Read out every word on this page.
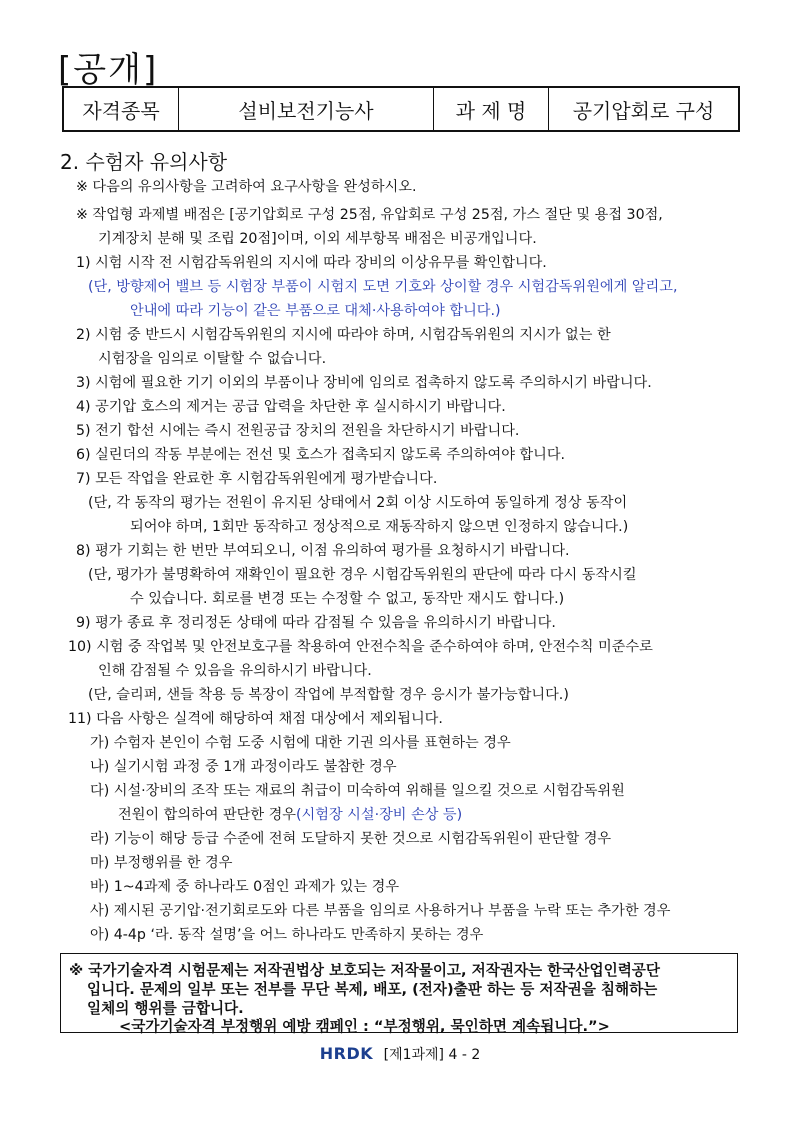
[공개]
자격종목	설비보전기능사	과 제 명	공기압회로 구성
2. 수험자 유의사항
※ 다음의 유의사항을 고려하여 요구사항을 완성하시오.
※ 작업형 과제별 배점은 [공기압회로 구성 25점, 유압회로 구성 25점, 가스 절단 및 용접 30점,
기계장치 분해 및 조립 20점]이며, 이외 세부항목 배점은 비공개입니다.
1) 시험 시작 전 시험감독위원의 지시에 따라 장비의 이상유무를 확인합니다.
(단, 방향제어 밸브 등 시험장 부품이 시험지 도면 기호와 상이할 경우 시험감독위원에게 알리고,
안내에 따라 기능이 같은 부품으로 대체·사용하여야 합니다.)
2) 시험 중 반드시 시험감독위원의 지시에 따라야 하며, 시험감독위원의 지시가 없는 한
시험장을 임의로 이탈할 수 없습니다.
3) 시험에 필요한 기기 이외의 부품이나 장비에 임의로 접촉하지 않도록 주의하시기 바랍니다.
4) 공기압 호스의 제거는 공급 압력을 차단한 후 실시하시기 바랍니다.
5) 전기 합선 시에는 즉시 전원공급 장치의 전원을 차단하시기 바랍니다.
6) 실린더의 작동 부분에는 전선 및 호스가 접촉되지 않도록 주의하여야 합니다.
7) 모든 작업을 완료한 후 시험감독위원에게 평가받습니다.
(단, 각 동작의 평가는 전원이 유지된 상태에서 2회 이상 시도하여 동일하게 정상 동작이
되어야 하며, 1회만 동작하고 정상적으로 재동작하지 않으면 인정하지 않습니다.)
8) 평가 기회는 한 번만 부여되오니, 이점 유의하여 평가를 요청하시기 바랍니다.
(단, 평가가 불명확하여 재확인이 필요한 경우 시험감독위원의 판단에 따라 다시 동작시킬
수 있습니다. 회로를 변경 또는 수정할 수 없고, 동작만 재시도 합니다.)
9) 평가 종료 후 정리정돈 상태에 따라 감점될 수 있음을 유의하시기 바랍니다.
10) 시험 중 작업복 및 안전보호구를 착용하여 안전수칙을 준수하여야 하며, 안전수칙 미준수로
인해 감점될 수 있음을 유의하시기 바랍니다.
(단, 슬리퍼, 샌들 착용 등 복장이 작업에 부적합할 경우 응시가 불가능합니다.)
11) 다음 사항은 실격에 해당하여 채점 대상에서 제외됩니다.
가) 수험자 본인이 수험 도중 시험에 대한 기권 의사를 표현하는 경우
나) 실기시험 과정 중 1개 과정이라도 불참한 경우
다) 시설·장비의 조작 또는 재료의 취급이 미숙하여 위해를 일으킬 것으로 시험감독위원
전원이 합의하여 판단한 경우(시험장 시설·장비 손상 등)
라) 기능이 해당 등급 수준에 전혀 도달하지 못한 것으로 시험감독위원이 판단할 경우
마) 부정행위를 한 경우
바) 1~4과제 중 하나라도 0점인 과제가 있는 경우
사) 제시된 공기압·전기회로도와 다른 부품을 임의로 사용하거나 부품을 누락 또는 추가한 경우
아) 4-4p ‘라. 동작 설명’을 어느 하나라도 만족하지 못하는 경우
※ 국가기술자격 시험문제는 저작권법상 보호되는 저작물이고, 저작권자는 한국산업인력공단
입니다. 문제의 일부 또는 전부를 무단 복제, 배포, (전자)출판 하는 등 저작권을 침해하는
일체의 행위를 금합니다.
<국가기술자격 부정행위 예방 캠페인 : “부정행위, 묵인하면 계속됩니다.”>
HRDK [제1과제] 4 - 2
